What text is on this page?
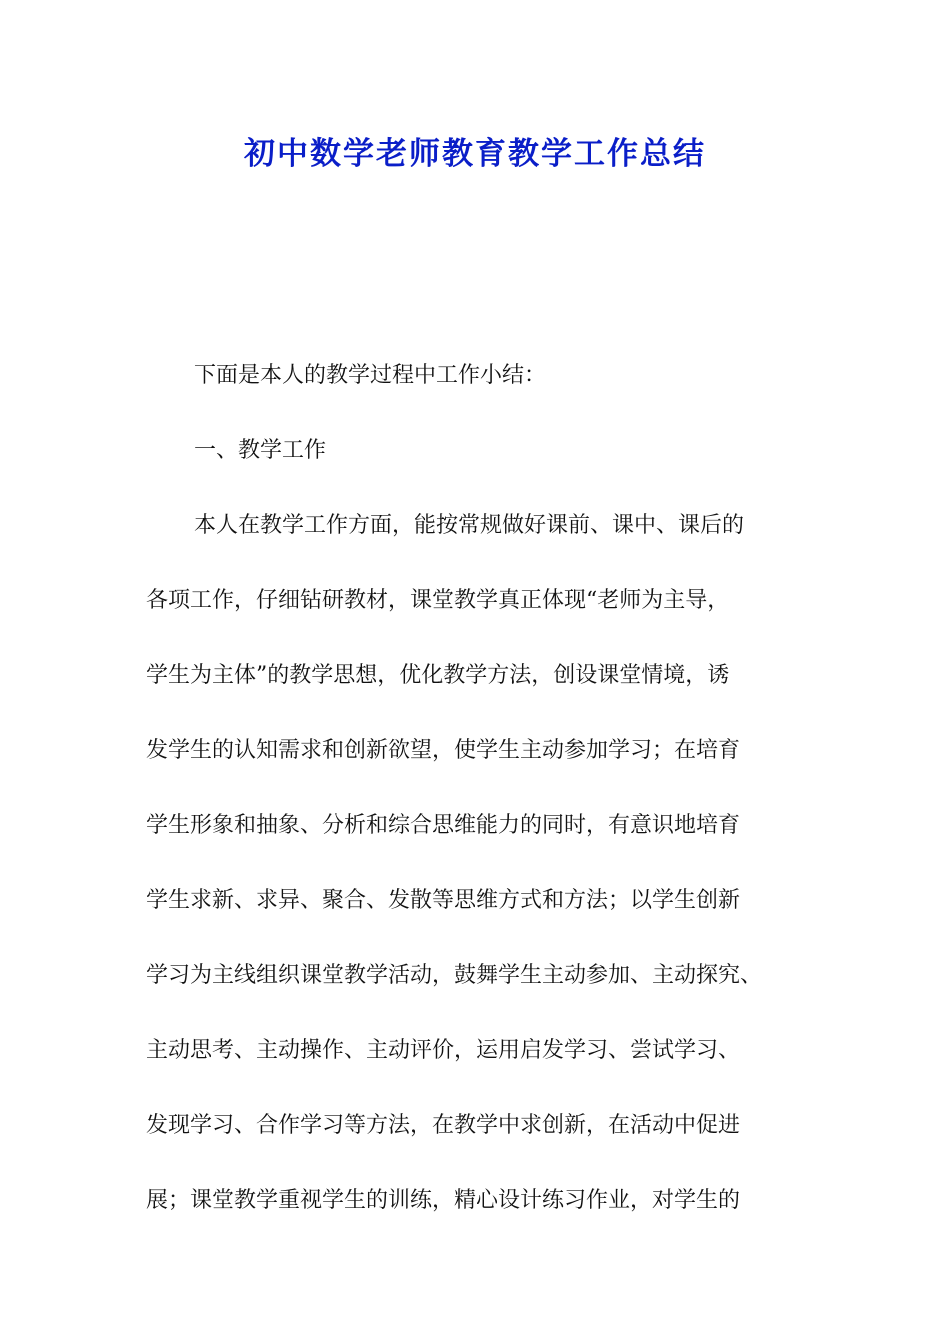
初中数学老师教育教学工作总结
下面是本人的教学过程中工作小结：
一、教学工作
本人在教学工作方面，能按常规做好课前、课中、课后的
各项工作，仔细钻研教材，课堂教学真正体现“老师为主导，
学生为主体”的教学思想，优化教学方法，创设课堂情境，诱
发学生的认知需求和创新欲望，使学生主动参加学习；在培育
学生形象和抽象、分析和综合思维能力的同时，有意识地培育
学生求新、求异、聚合、发散等思维方式和方法；以学生创新
学习为主线组织课堂教学活动，鼓舞学生主动参加、主动探究、
主动思考、主动操作、主动评价，运用启发学习、尝试学习、
发现学习、合作学习等方法，在教学中求创新，在活动中促进
展；课堂教学重视学生的训练，精心设计练习作业，对学生的
